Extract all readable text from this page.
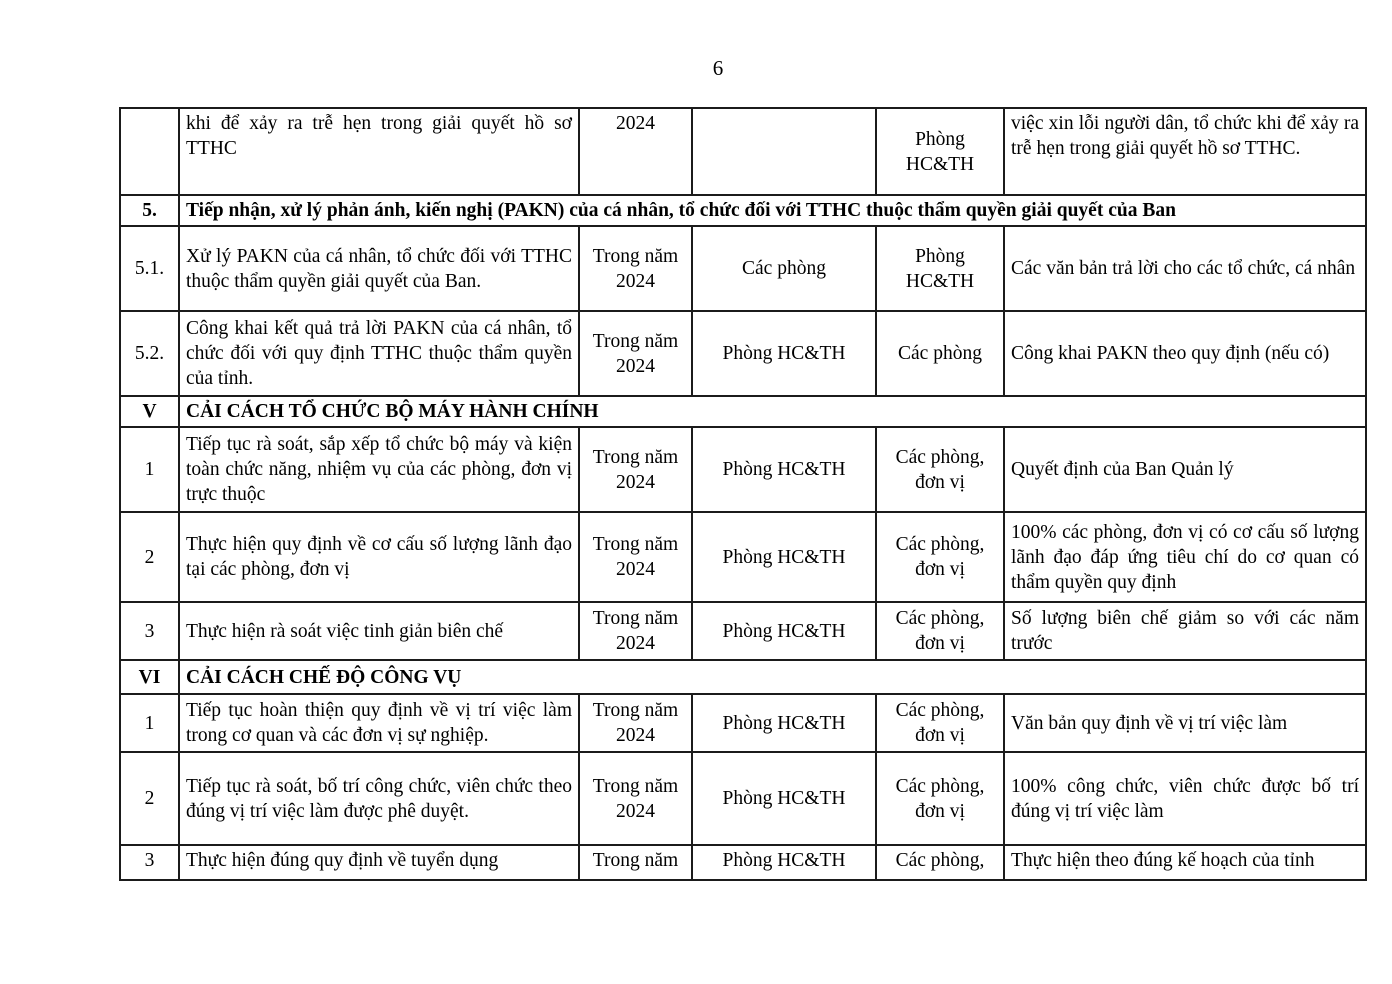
6
	khi để xảy ra trễ hẹn trong giải quyết hồ sơ TTHC	2024		Phòng HC&TH	việc xin lỗi người dân, tổ chức khi để xảy ra trễ hẹn trong giải quyết hồ sơ TTHC.
5.	Tiếp nhận, xử lý phản ánh, kiến nghị (PAKN) của cá nhân, tổ chức đối với TTHC thuộc thẩm quyền giải quyết của Ban				
5.1.	Xử lý PAKN của cá nhân, tổ chức đối với TTHC thuộc thẩm quyền giải quyết của Ban.	Trong năm 2024	Các phòng	Phòng HC&TH	Các văn bản trả lời cho các tổ chức, cá nhân
5.2.	Công khai kết quả trả lời PAKN của cá nhân, tổ chức đối với quy định TTHC thuộc thẩm quyền của tỉnh.	Trong năm 2024	Phòng HC&TH	Các phòng	Công khai PAKN theo quy định (nếu có)
V	CẢI CÁCH TỔ CHỨC BỘ MÁY HÀNH CHÍNH				
1	Tiếp tục rà soát, sắp xếp tổ chức bộ máy và kiện toàn chức năng, nhiệm vụ của các phòng, đơn vị trực thuộc	Trong năm 2024	Phòng HC&TH	Các phòng, đơn vị	Quyết định của Ban Quản lý
2	Thực hiện quy định về cơ cấu số lượng lãnh đạo tại các phòng, đơn vị	Trong năm 2024	Phòng HC&TH	Các phòng, đơn vị	100% các phòng, đơn vị có cơ cấu số lượng lãnh đạo đáp ứng tiêu chí do cơ quan có thẩm quyền quy định
3	Thực hiện rà soát việc tinh giản biên chế	Trong năm 2024	Phòng HC&TH	Các phòng, đơn vị	Số lượng biên chế giảm so với các năm trước
VI	CẢI CÁCH CHẾ ĐỘ CÔNG VỤ				
1	Tiếp tục hoàn thiện quy định về vị trí việc làm trong cơ quan và các đơn vị sự nghiệp.	Trong năm 2024	Phòng HC&TH	Các phòng, đơn vị	Văn bản quy định về vị trí việc làm
2	Tiếp tục rà soát, bố trí công chức, viên chức theo đúng vị trí việc làm được phê duyệt.	Trong năm 2024	Phòng HC&TH	Các phòng, đơn vị	100% công chức, viên chức được bố trí đúng vị trí việc làm
3	Thực hiện đúng quy định về tuyển dụng	Trong năm	Phòng HC&TH	Các phòng,	Thực hiện theo đúng kế hoạch của tỉnh
